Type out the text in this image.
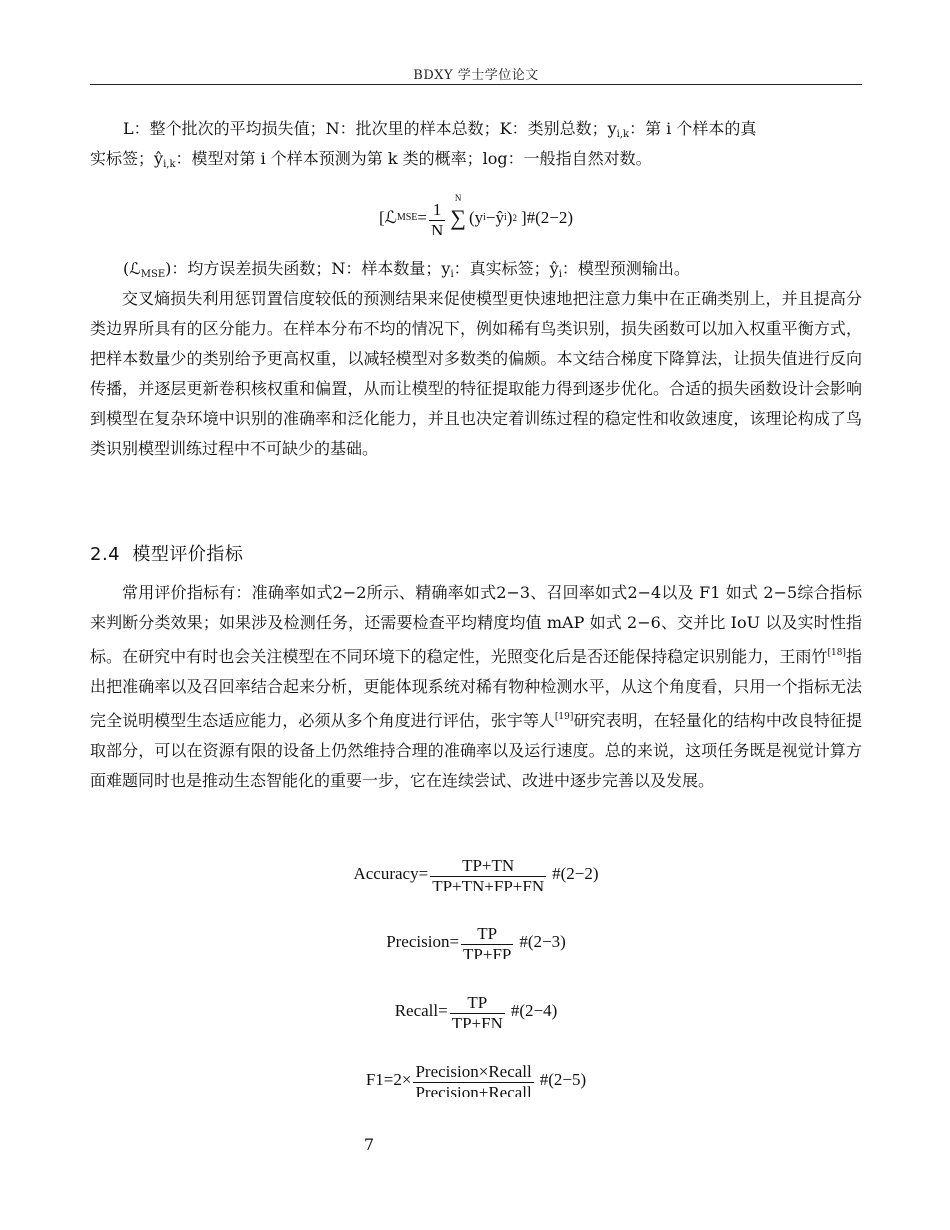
BDXY 学士学位论文
L：整个批次的平均损失值；N：批次里的样本总数；K：类别总数；$y_{i,k}$：第 i 个样本的真
实标签；$ŷ_{i,k}$：模型对第 i 个样本预测为第 k 类的概率；log：一般指自然对数。
[ℒ MSE = $\frac{1}{N}$ ∑
N
(y i −ŷ i ) 2 ]#(2−2)
(ℒ$_{MSE}$)：均方误差损失函数；N：样本数量；$y_i$：真实标签；$ŷ_i$：模型预测输出。

交叉熵损失利用惩罚置信度较低的预测结果来促使模型更快速地把注意力集中在正确类别上，并且提高分类边界所具有的区分能力。在样本分布不均的情况下，例如稀有鸟类识别，损失函数可以加入权重平衡方式，把样本数量少的类别给予更高权重，以减轻模型对多数类的偏颇。本文结合梯度下降算法，让损失值进行反向传播，并逐层更新卷积核权重和偏置，从而让模型的特征提取能力得到逐步优化。合适的损失函数设计会影响到模型在复杂环境中识别的准确率和泛化能力，并且也决定着训练过程的稳定性和收敛速度，该理论构成了鸟类识别模型训练过程中不可缺少的基础。

2.4 模型评价指标

常用评价指标有：准确率如式2−2所示、精确率如式2−3、召回率如式2−4以及 F1 如式 2−5综合指标来判断分类效果；如果涉及检测任务，还需要检查平均精度均值 mAP 如式 2−6、交并比 IoU 以及实时性指标。在研究中有时也会关注模型在不同环境下的稳定性，光照变化后是否还能保持稳定识别能力，王雨竹[18]指出把准确率以及召回率结合起来分析，更能体现系统对稀有物种检测水平，从这个角度看，只用一个指标无法完全说明模型生态适应能力，必须从多个角度进行评估，张宇等人[19]研究表明，在轻量化的结构中改良特征提取部分，可以在资源有限的设备上仍然维持合理的准确率以及运行速度。总的来说，这项任务既是视觉计算方面难题同时也是推动生态智能化的重要一步，它在连续尝试、改进中逐步完善以及发展。

Accuracy= $\frac{TP+TN}{TP+TN+FP+FN}$ #(2−2)
Precision= $\frac{TP}{TP+FP}$ #(2−3)
Recall= $\frac{TP}{TP+FN}$ #(2−4)
$F1=2\times \frac{\text{Precision×Recall}}{\text{Precision+Recall}}$ #(2−5)
7
